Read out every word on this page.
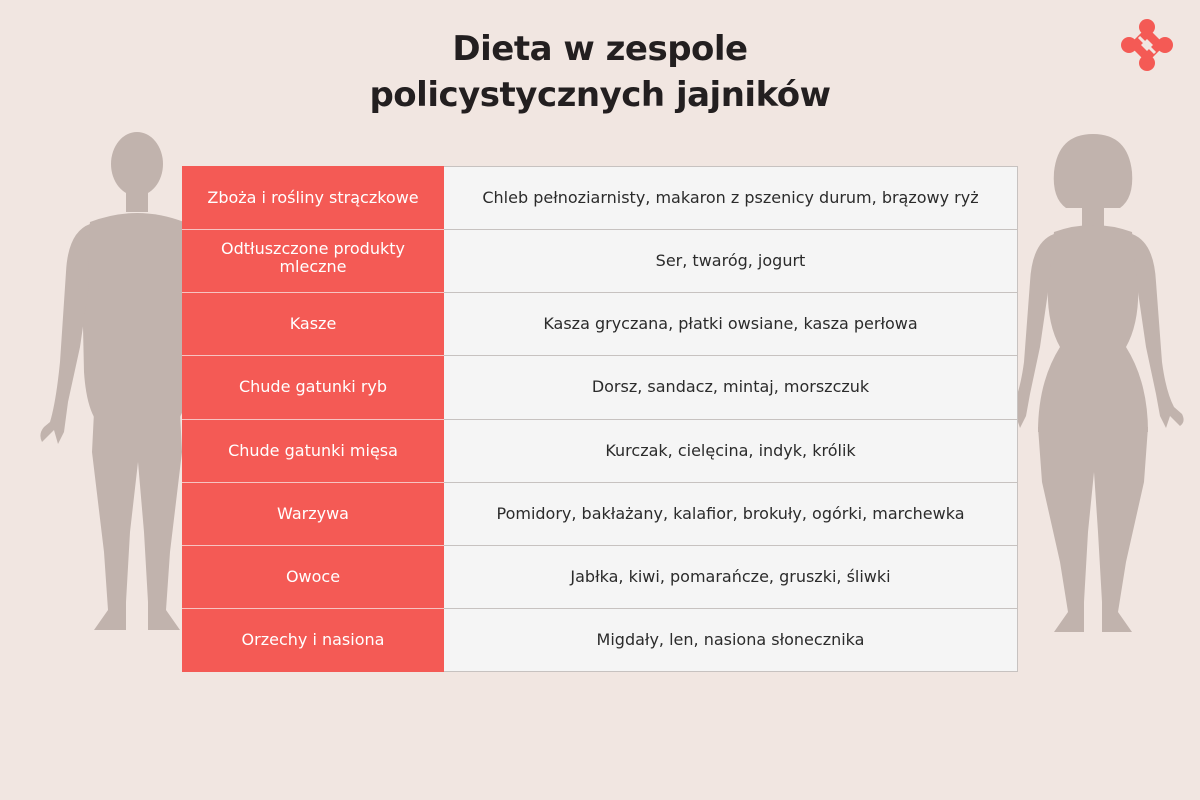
Dieta w zespole
policystycznych jajników
Zboża i rośliny strączkowe	Chleb pełnoziarnisty, makaron z pszenicy durum, brązowy ryż
Odtłuszczone produkty mleczne	Ser, twaróg, jogurt
Kasze	Kasza gryczana, płatki owsiane, kasza perłowa
Chude gatunki ryb	Dorsz, sandacz, mintaj, morszczuk
Chude gatunki mięsa	Kurczak, cielęcina, indyk, królik
Warzywa	Pomidory, bakłażany, kalafior, brokuły, ogórki, marchewka
Owoce	Jabłka, kiwi, pomarańcze, gruszki, śliwki
Orzechy i nasiona	Migdały, len, nasiona słonecznika
